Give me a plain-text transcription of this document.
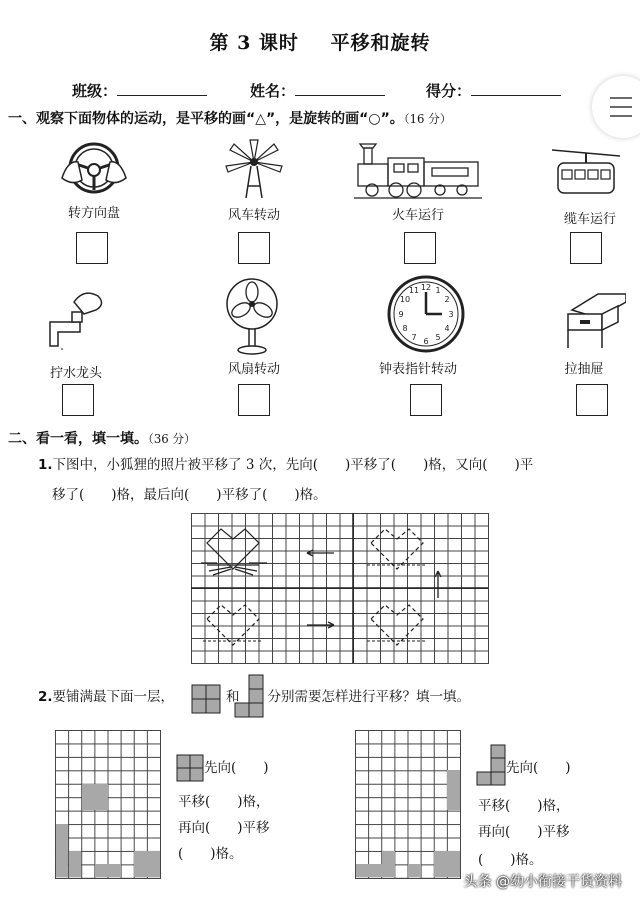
第 3 课时 平移和旋转
班级：	姓名：	得分：
一、观察下面物体的运动，是平移的画“△”，是旋转的画“○”。（16 分）
转方向盘	风车转动	火车运行	缆车运行
12 1
2
3
4
5
6
7
8
9
10
11
拧水龙头	风扇转动	钟表指针转动	拉抽屉
二、看一看，填一填。（36 分）
1.下图中，小狐狸的照片被平移了 3 次，先向(　　)平移了(　　)格，又向(　　)平
移了(　　)格，最后向(　　)平移了(　　)格。
2.要铺满最下面一层，	和 分别需要怎样进行平移？填一填。
先向(　　)
平移(　　)格，
再向(　　)平移
(　　)格。
先向(　　)
平移(　　)格，
再向(　　)平移
(　　)格。
头条 @幼小衔接干货资料
